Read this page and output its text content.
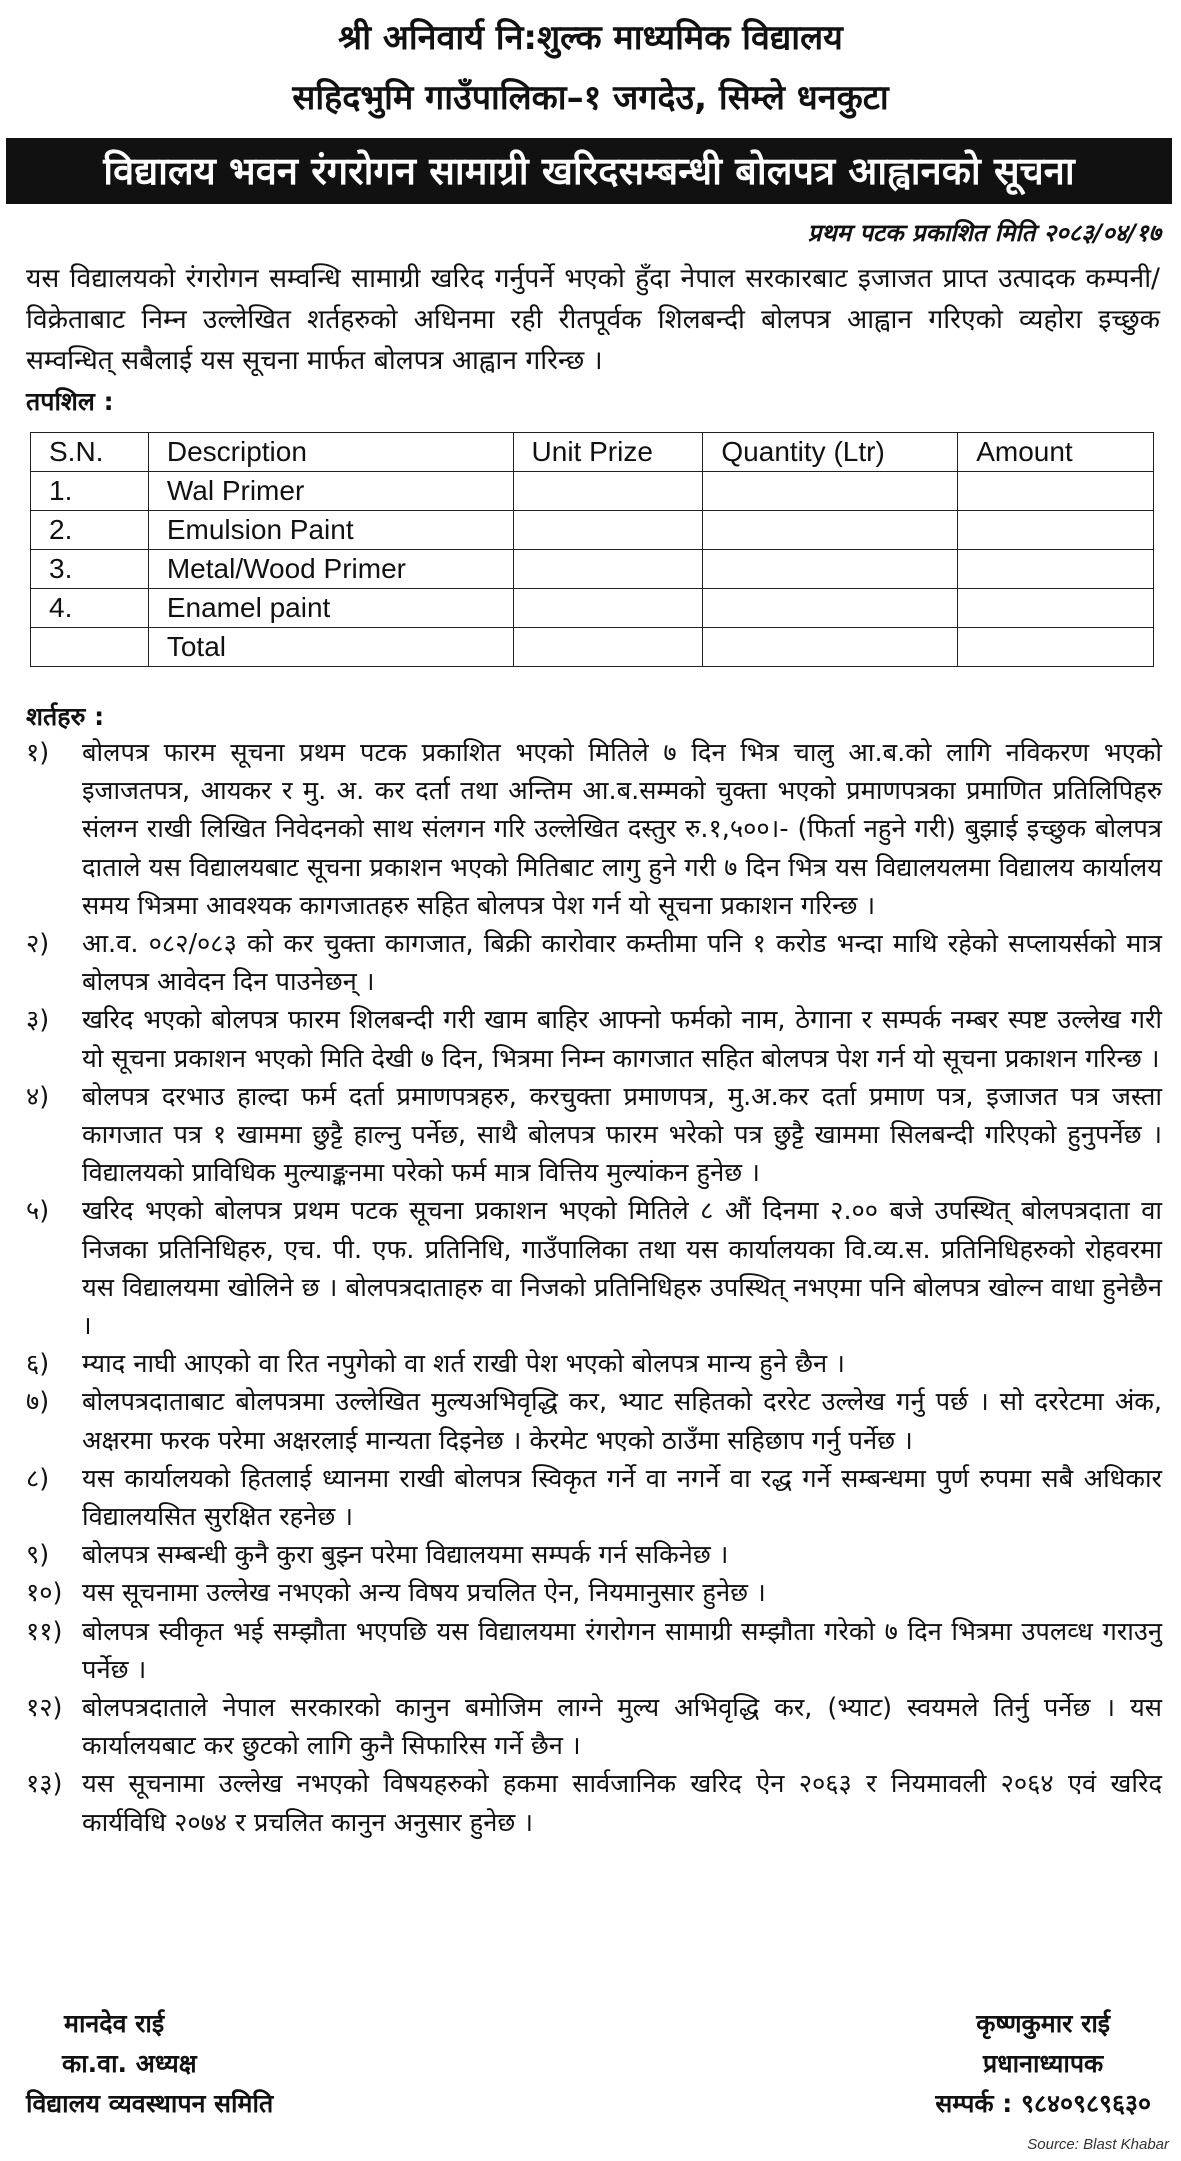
श्री अनिवार्य नि:शुल्क माध्यमिक विद्यालय
सहिदभुमि गाउँपालिका–१ जगदेउ, सिम्ले धनकुटा
विद्यालय भवन रंगरोगन सामाग्री खरिदसम्बन्धी बोलपत्र आह्वानको सूचना
प्रथम पटक प्रकाशित मिति २०८३/०४/१७
यस विद्यालयको रंगरोगन सम्वन्धि सामाग्री खरिद गर्नुपर्ने भएको हुँदा नेपाल सरकारबाट इजाजत प्राप्त उत्पादक कम्पनी/विक्रेताबाट निम्न उल्लेखित शर्तहरुको अधिनमा रही रीतपूर्वक शिलबन्दी बोलपत्र आह्वान गरिएको व्यहोरा इच्छुक सम्वन्धित् सबैलाई यस सूचना मार्फत बोलपत्र आह्वान गरिन्छ ।
तपशिल :
S.N.	Description	Unit Prize	Quantity (Ltr)	Amount
1.	Wal Primer			
2.	Emulsion Paint			
3.	Metal/Wood Primer			
4.	Enamel paint			
	Total			
शर्तहरु :
१) बोलपत्र फारम सूचना प्रथम पटक प्रकाशित भएको मितिले ७ दिन भित्र चालु आ.ब.को लागि नविकरण भएको इजाजतपत्र, आयकर र मु. अ. कर दर्ता तथा अन्तिम आ.ब.सम्मको चुक्ता भएको प्रमाणपत्रका प्रमाणित प्रतिलिपिहरु संलग्न राखी लिखित निवेदनको साथ संलगन गरि उल्लेखित दस्तुर रु.१,५००।- (फिर्ता नहुने गरी) बुझाई इच्छुक बोलपत्र दाताले यस विद्यालयबाट सूचना प्रकाशन भएको मितिबाट लागु हुने गरी ७ दिन भित्र यस विद्यालयलमा विद्यालय कार्यालय समय भित्रमा आवश्यक कागजातहरु सहित बोलपत्र पेश गर्न यो सूचना प्रकाशन गरिन्छ ।
२) आ.व. ०८२/०८३ को कर चुक्ता कागजात, बिक्री कारोवार कम्तीमा पनि १ करोड भन्दा माथि रहेको सप्लायर्सको मात्र बोलपत्र आवेदन दिन पाउनेछन् ।
३) खरिद भएको बोलपत्र फारम शिलबन्दी गरी खाम बाहिर आफ्नो फर्मको नाम, ठेगाना र सम्पर्क नम्बर स्पष्ट उल्लेख गरी यो सूचना प्रकाशन भएको मिति देखी ७ दिन, भित्रमा निम्न कागजात सहित बोलपत्र पेश गर्न यो सूचना प्रकाशन गरिन्छ ।
४) बोलपत्र दरभाउ हाल्दा फर्म दर्ता प्रमाणपत्रहरु, करचुक्ता प्रमाणपत्र, मु.अ.कर दर्ता प्रमाण पत्र, इजाजत पत्र जस्ता कागजात पत्र १ खाममा छुट्टै हाल्नु पर्नेछ, साथै बोलपत्र फारम भरेको पत्र छुट्टै खाममा सिलबन्दी गरिएको हुनुपर्नेछ । विद्यालयको प्राविधिक मुल्याङ्कनमा परेको फर्म मात्र वित्तिय मुल्यांकन हुनेछ ।
५) खरिद भएको बोलपत्र प्रथम पटक सूचना प्रकाशन भएको मितिले ८ औं दिनमा २.०० बजे उपस्थित् बोलपत्रदाता वा निजका प्रतिनिधिहरु, एच. पी. एफ. प्रतिनिधि, गाउँपालिका तथा यस कार्यालयका वि.व्य.स. प्रतिनिधिहरुको रोहवरमा यस विद्यालयमा खोलिने छ । बोलपत्रदाताहरु वा निजको प्रतिनिधिहरु उपस्थित् नभएमा पनि बोलपत्र खोल्न वाधा हुनेछैन ।
६) म्याद नाघी आएको वा रित नपुगेको वा शर्त राखी पेश भएको बोलपत्र मान्य हुने छैन ।
७) बोलपत्रदाताबाट बोलपत्रमा उल्लेखित मुल्यअभिवृद्धि कर, भ्याट सहितको दररेट उल्लेख गर्नु पर्छ । सो दररेटमा अंक, अक्षरमा फरक परेमा अक्षरलाई मान्यता दिइनेछ । केरमेट भएको ठाउँमा सहिछाप गर्नु पर्नेछ ।
८) यस कार्यालयको हितलाई ध्यानमा राखी बोलपत्र स्विकृत गर्ने वा नगर्ने वा रद्ध गर्ने सम्बन्धमा पुर्ण रुपमा सबै अधिकार विद्यालयसित सुरक्षित रहनेछ ।
९) बोलपत्र सम्बन्धी कुनै कुरा बुझ्न परेमा विद्यालयमा सम्पर्क गर्न सकिनेछ ।
१०) यस सूचनामा उल्लेख नभएको अन्य विषय प्रचलित ऐन, नियमानुसार हुनेछ ।
११) बोलपत्र स्वीकृत भई सम्झौता भएपछि यस विद्यालयमा रंगरोगन सामाग्री सम्झौता गरेको ७ दिन भित्रमा उपलव्ध गराउनु पर्नेछ ।
१२) बोलपत्रदाताले नेपाल सरकारको कानुन बमोजिम लाग्ने मुल्य अभिवृद्धि कर, (भ्याट) स्वयमले तिर्नु पर्नेछ । यस कार्यालयबाट कर छुटको लागि कुनै सिफारिस गर्ने छैन ।
१३) यस सूचनामा उल्लेख नभएको विषयहरुको हकमा सार्वजानिक खरिद ऐन २०६३ र नियमावली २०६४ एवं खरिद कार्यविधि २०७४ र प्रचलित कानुन अनुसार हुनेछ ।
मानदेव राई
का.वा. अध्यक्ष
विद्यालय व्यवस्थापन समिति
कृष्णकुमार राई
प्रधानाध्यापक
सम्पर्क : ९८४०९८९६३०
Source: Blast Khabar
